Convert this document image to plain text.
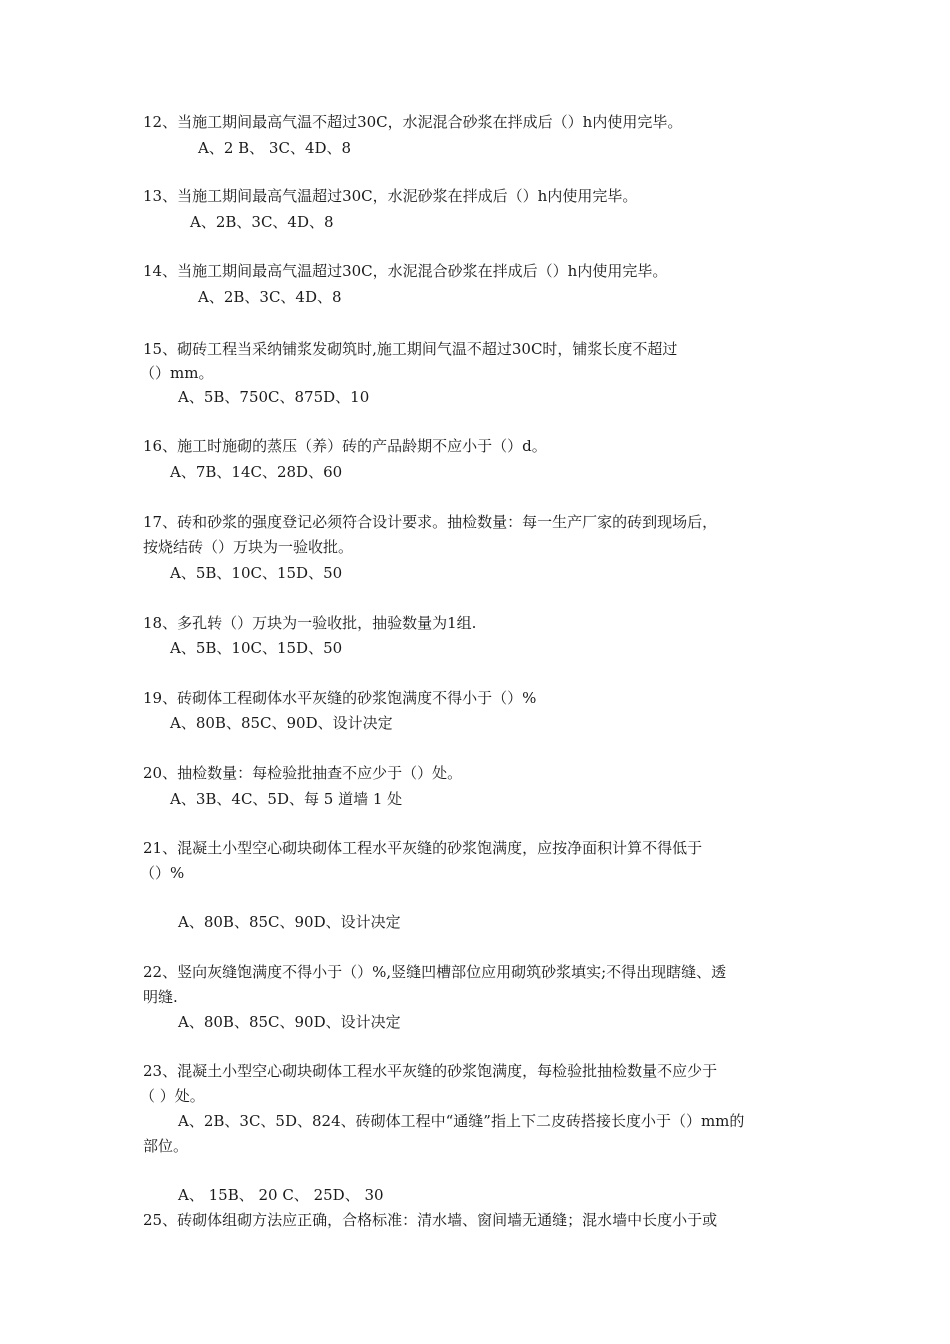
12、当施工期间最高气温不超过30C，水泥混合砂浆在拌成后（）h内使用完毕。

A、2 B、 3C、4D、8

13、当施工期间最高气温超过30C，水泥砂浆在拌成后（）h内使用完毕。

A、2B、3C、4D、8

14、当施工期间最高气温超过30C，水泥混合砂浆在拌成后（）h内使用完毕。

A、2B、3C、4D、8

15、砌砖工程当采纳铺浆发砌筑时,施工期间气温不超过30C时，铺浆长度不超过

（）mm。

A、5B、750C、875D、10

16、施工时施砌的蒸压（养）砖的产品龄期不应小于（）d。

A、7B、14C、28D、60

17、砖和砂浆的强度登记必须符合设计要求。抽检数量：每一生产厂家的砖到现场后，

按烧结砖（）万块为一验收批。

A、5B、10C、15D、50

18、多孔转（）万块为一验收批，抽验数量为1组.

A、5B、10C、15D、50

19、砖砌体工程砌体水平灰缝的砂浆饱满度不得小于（）%

A、80B、85C、90D、设计决定

20、抽检数量：每检验批抽查不应少于（）处。

A、3B、4C、5D、每 5 道墙 1 处

21、混凝土小型空心砌块砌体工程水平灰缝的砂浆饱满度，应按净面积计算不得低于

（）%

A、80B、85C、90D、设计决定

22、竖向灰缝饱满度不得小于（）%,竖缝凹槽部位应用砌筑砂浆填实;不得出现瞎缝、透

明缝.

A、80B、85C、90D、设计决定

23、混凝土小型空心砌块砌体工程水平灰缝的砂浆饱满度，每检验批抽检数量不应少于

（ ）处。

A、2B、3C、5D、824、砖砌体工程中“通缝”指上下二皮砖搭接长度小于（）mm的

部位。

A、 15B、 20 C、 25D、 30

25、砖砌体组砌方法应正确，合格标准：清水墙、窗间墙无通缝；混水墙中长度小于或
